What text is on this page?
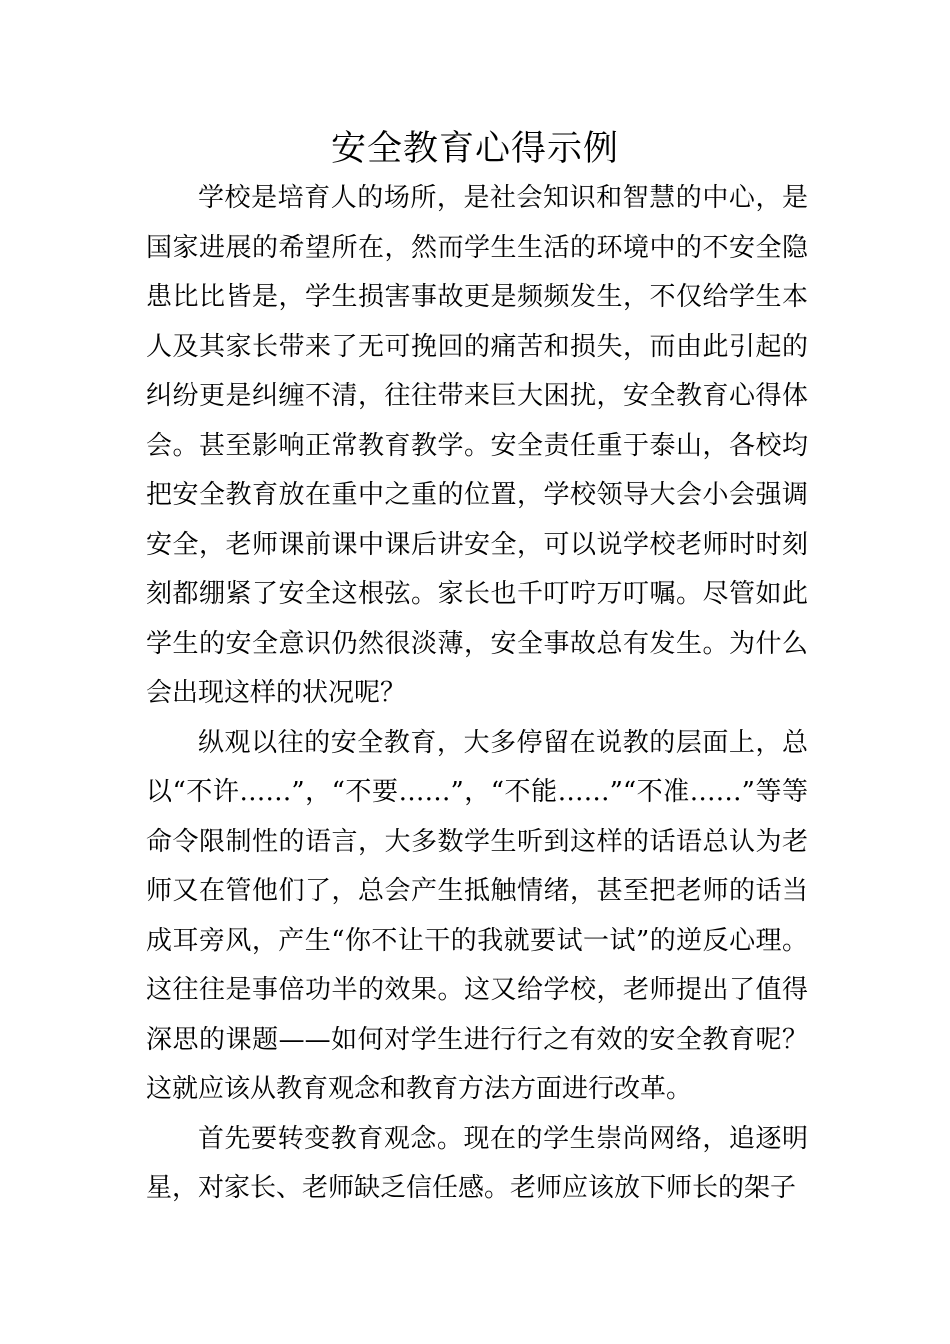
安全教育心得示例

学校是培育人的场所，是社会知识和智慧的中心，是国家进展的希望所在，然而学生生活的环境中的不安全隐患比比皆是，学生损害事故更是频频发生，不仅给学生本人及其家长带来了无可挽回的痛苦和损失，而由此引起的纠纷更是纠缠不清，往往带来巨大困扰，安全教育心得体会。甚至影响正常教育教学。安全责任重于泰山，各校均把安全教育放在重中之重的位置，学校领导大会小会强调安全，老师课前课中课后讲安全，可以说学校老师时时刻刻都绷紧了安全这根弦。家长也千叮咛万叮嘱。尽管如此学生的安全意识仍然很淡薄，安全事故总有发生。为什么会出现这样的状况呢？

纵观以往的安全教育，大多停留在说教的层面上，总以“不许……”，“不要……”，“不能……”“不准……”等等命令限制性的语言，大多数学生听到这样的话语总认为老师又在管他们了，总会产生抵触情绪，甚至把老师的话当成耳旁风，产生“你不让干的我就要试一试”的逆反心理。这往往是事倍功半的效果。这又给学校，老师提出了值得深思的课题——如何对学生进行行之有效的安全教育呢？这就应该从教育观念和教育方法方面进行改革。

首先要转变教育观念。现在的学生崇尚网络，追逐明星，对家长、老师缺乏信任感。老师应该放下师长的架子
